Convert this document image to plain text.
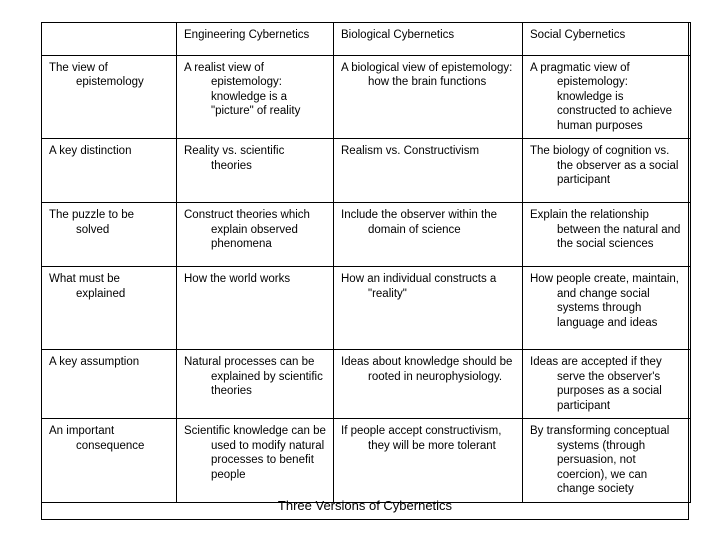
	Engineering Cybernetics	Biological Cybernetics	Social Cybernetics

The view of epistemology	A realist view of epistemology: knowledge is a "picture" of reality	A biological view of epistemology: how the brain functions	A pragmatic view of epistemology: knowledge is constructed to achieve human purposes

A key distinction	Reality vs. scientific theories	Realism vs. Constructivism	The biology of cognition vs. the observer as a social participant

The puzzle to be solved	Construct theories which explain observed phenomena	Include the observer within the domain of science	Explain the relationship between the natural and the social sciences

What must be explained	How the world works	How an individual constructs a "reality"	How people create, maintain, and change social systems through language and ideas

A key assumption	Natural processes can be explained by scientific theories	Ideas about knowledge should be rooted in neurophysiology.	Ideas are accepted if they serve the observer's purposes as a social participant

An important consequence	Scientific knowledge can be used to modify natural processes to benefit people	If people accept constructivism, they will be more tolerant	By transforming conceptual systems (through persuasion, not coercion), we can change society
Three Versions of Cybernetics
